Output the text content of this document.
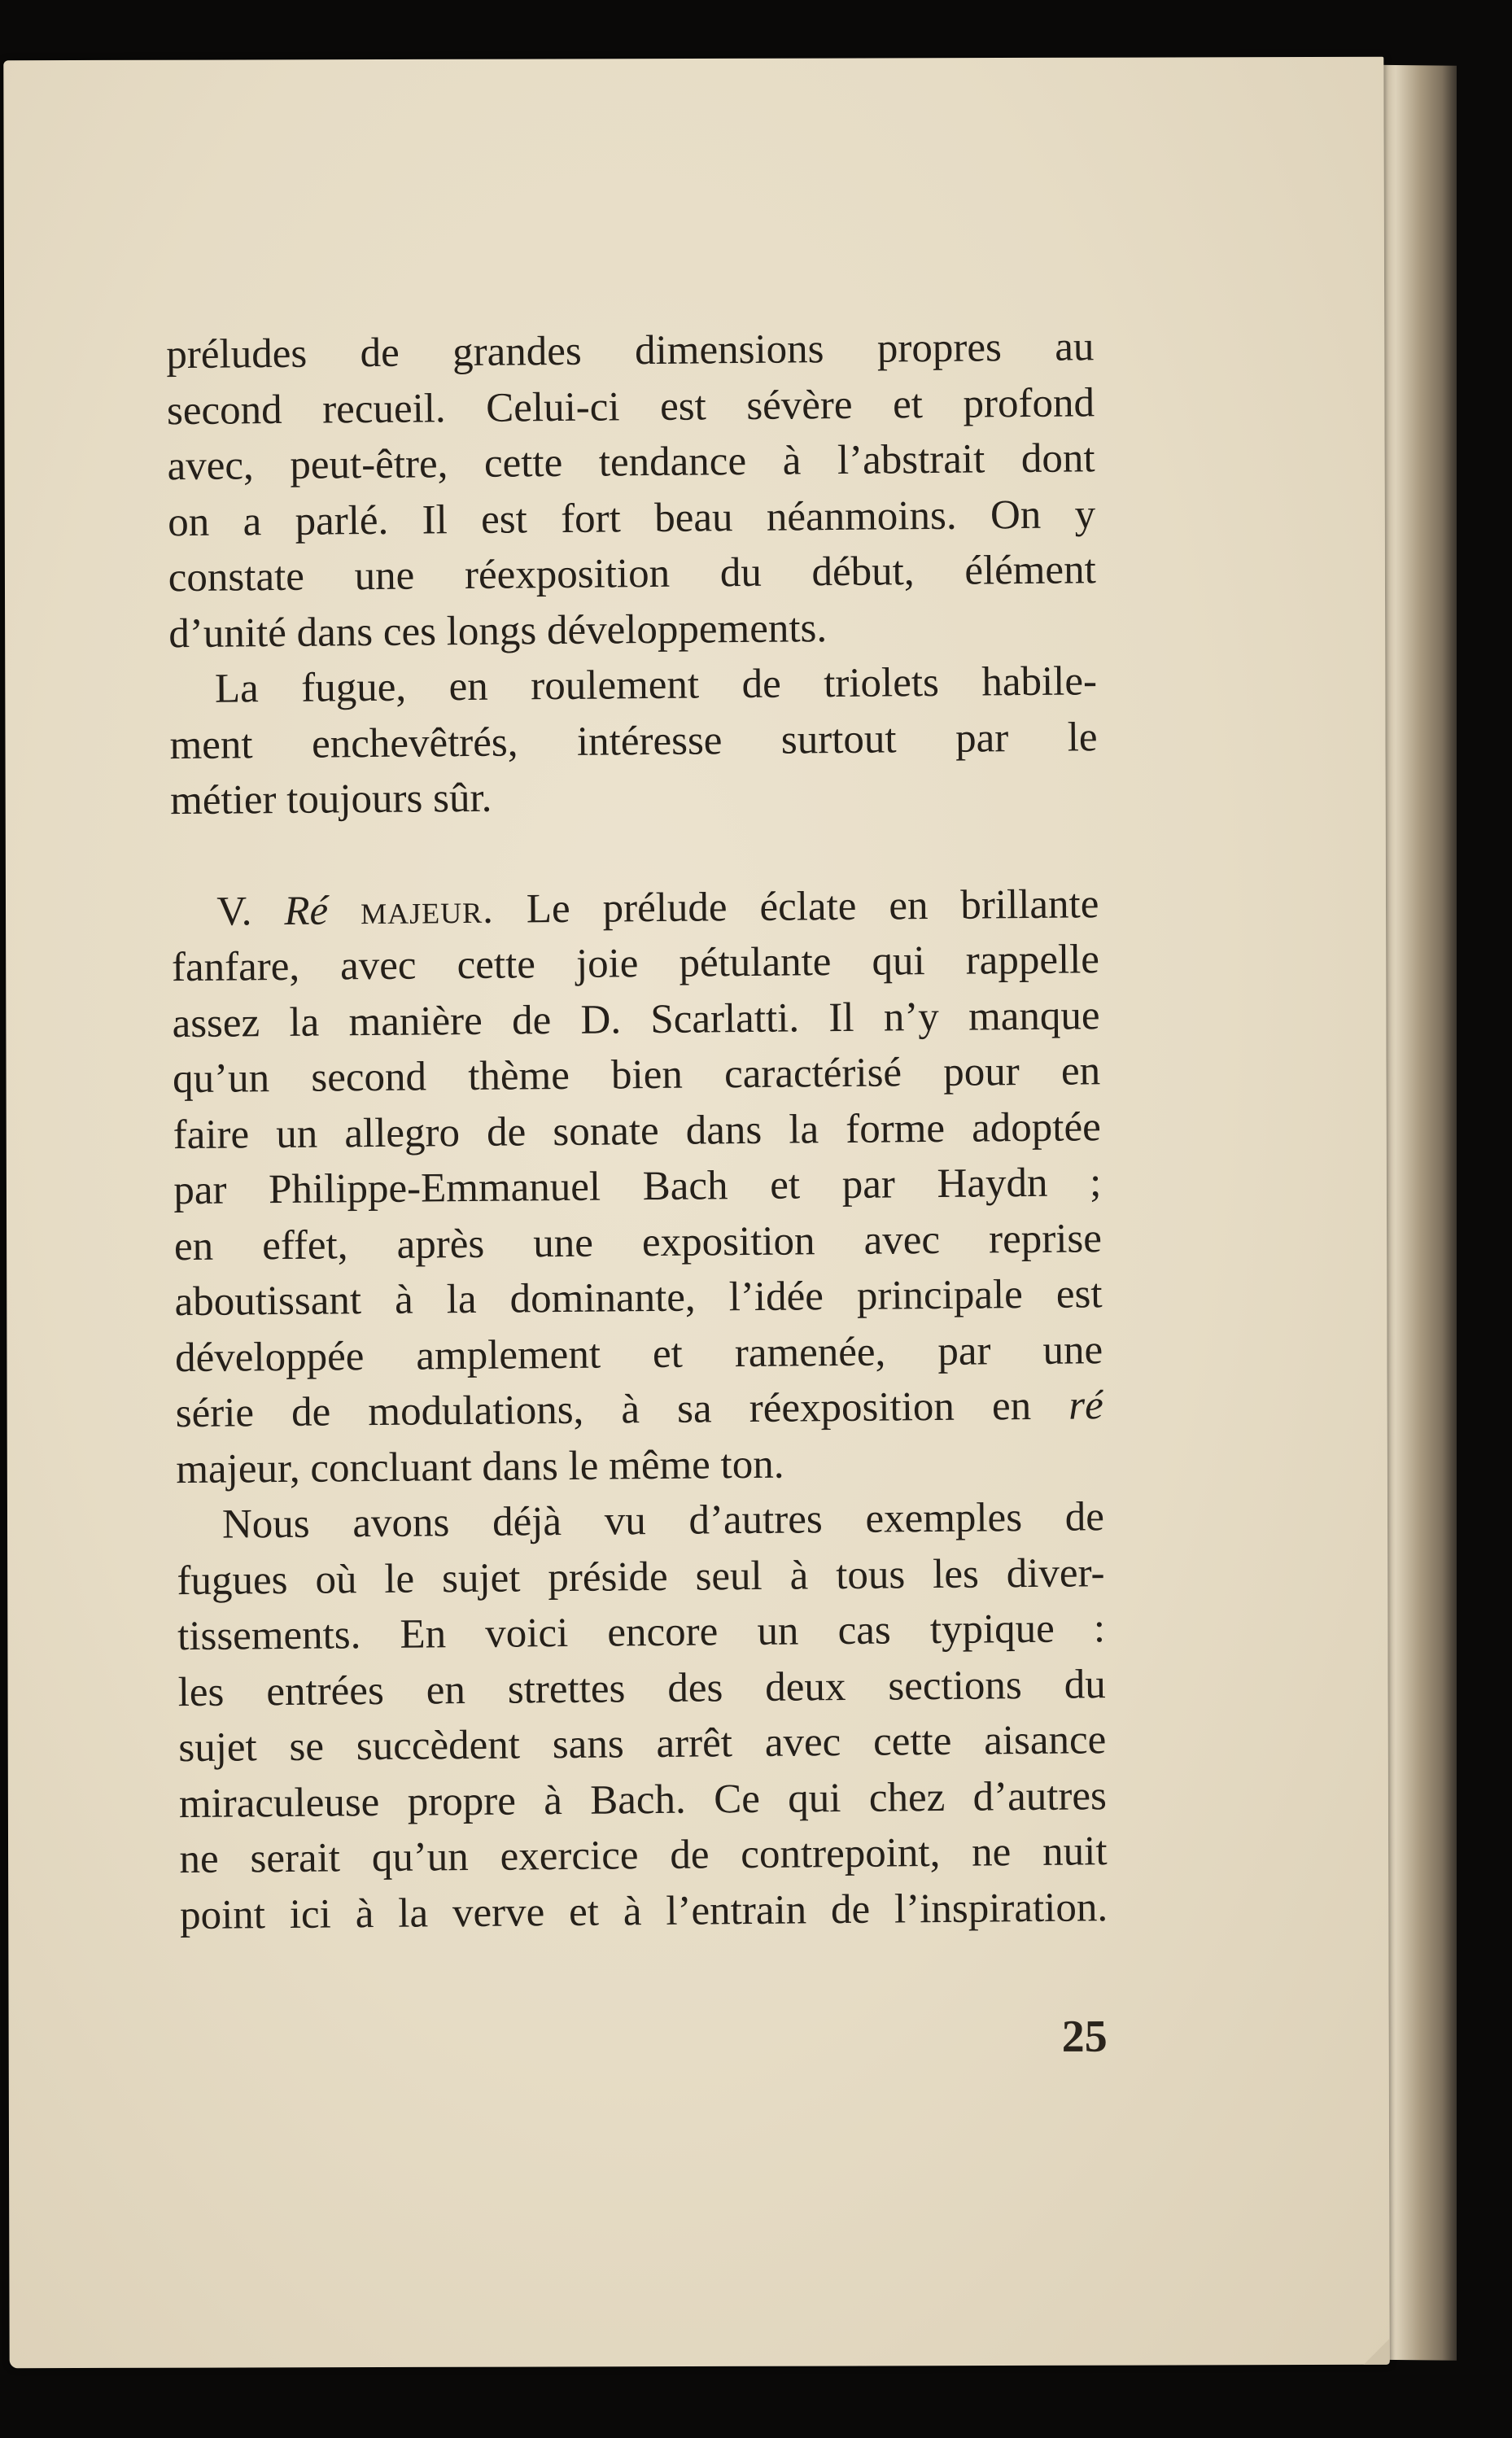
préludes de grandes dimensions propres au
second recueil. Celui-ci est sévère et profond
avec, peut-être, cette tendance à l’abstrait dont
on a parlé. Il est fort beau néanmoins. On y
constate une réexposition du début, élément
d’unité dans ces longs développements.
La fugue, en roulement de triolets habile-
ment enchevêtrés, intéresse surtout par le
métier toujours sûr.
V. Ré majeur. Le prélude éclate en brillante
fanfare, avec cette joie pétulante qui rappelle
assez la manière de D. Scarlatti. Il n’y manque
qu’un second thème bien caractérisé pour en
faire un allegro de sonate dans la forme adoptée
par Philippe-Emmanuel Bach et par Haydn ;
en effet, après une exposition avec reprise
aboutissant à la dominante, l’idée principale est
développée amplement et ramenée, par une
série de modulations, à sa réexposition en ré
majeur, concluant dans le même ton.
Nous avons déjà vu d’autres exemples de
fugues où le sujet préside seul à tous les diver-
tissements. En voici encore un cas typique :
les entrées en strettes des deux sections du
sujet se succèdent sans arrêt avec cette aisance
miraculeuse propre à Bach. Ce qui chez d’autres
ne serait qu’un exercice de contrepoint, ne nuit
point ici à la verve et à l’entrain de l’inspiration.
25
